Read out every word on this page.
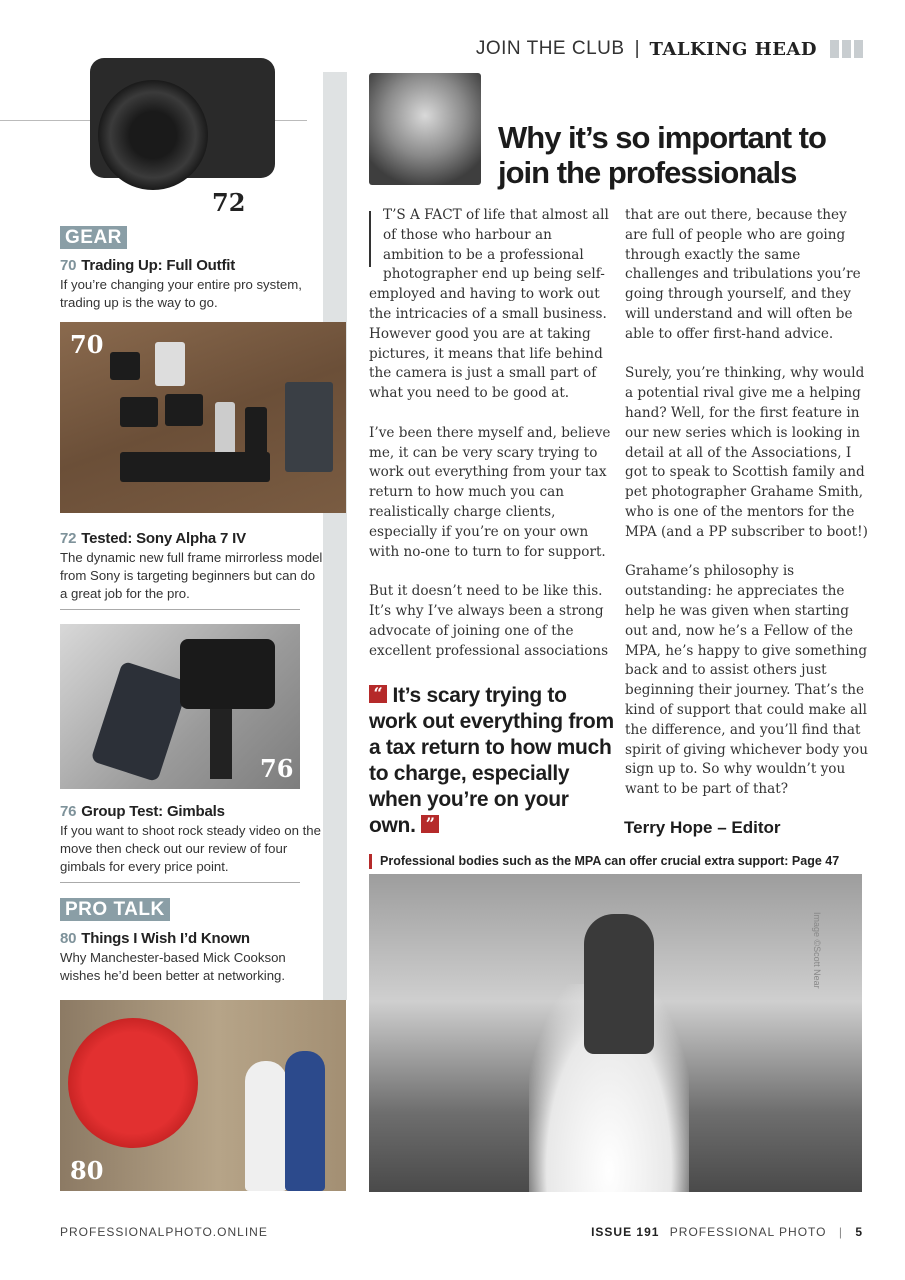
JOIN THE CLUB | TALKING HEAD
72
GEAR
70 Trading Up: Full Outfit
If you’re changing your entire pro system, trading up is the way to go.
70
72 Tested: Sony Alpha 7 IV
The dynamic new full frame mirrorless model from Sony is targeting beginners but can do a great job for the pro.
76
76 Group Test: Gimbals
If you want to shoot rock steady video on the move then check out our review of four gimbals for every price point.
PRO TALK
80 Things I Wish I’d Known
Why Manchester-based Mick Cookson wishes he’d been better at networking.
80
Why it’s so important to join the professionals

T’S A FACT of life that almost all of those who harbour an ambition to be a professional photographer end up being self-employed and having to work out the intricacies of a small business. However good you are at taking pictures, it means that life behind the camera is just a small part of what you need to be good at.

I’ve been there myself and, believe me, it can be very scary trying to work out everything from your tax return to how much you can realistically charge clients, especially if you’re on your own with no-one to turn to for support.

But it doesn’t need to be like this. It’s why I’ve always been a strong advocate of joining one of the excellent professional associations

that are out there, because they are full of people who are going through exactly the same challenges and tribulations you’re going through yourself, and they will understand and will often be able to offer first-hand advice.

Surely, you’re thinking, why would a potential rival give me a helping hand? Well, for the first feature in our new series which is looking in detail at all of the Associations, I got to speak to Scottish family and pet photographer Grahame Smith, who is one of the mentors for the MPA (and a PP subscriber to boot!)

Grahame’s philosophy is outstanding: he appreciates the help he was given when starting out and, now he’s a Fellow of the MPA, he’s happy to give something back and to assist others just beginning their journey. That’s the kind of support that could make all the difference, and you’ll find that spirit of giving whichever body you sign up to. So why wouldn’t you want to be part of that?

“ It’s scary trying to work out everything from a tax return to how much to charge, especially when you’re on your own. ”	Terry Hope – Editor
Professional bodies such as the MPA can offer crucial extra support: Page 47
Image ©Scott Near
PROFESSIONALPHOTO.ONLINE	ISSUE 191 PROFESSIONAL PHOTO | 5
